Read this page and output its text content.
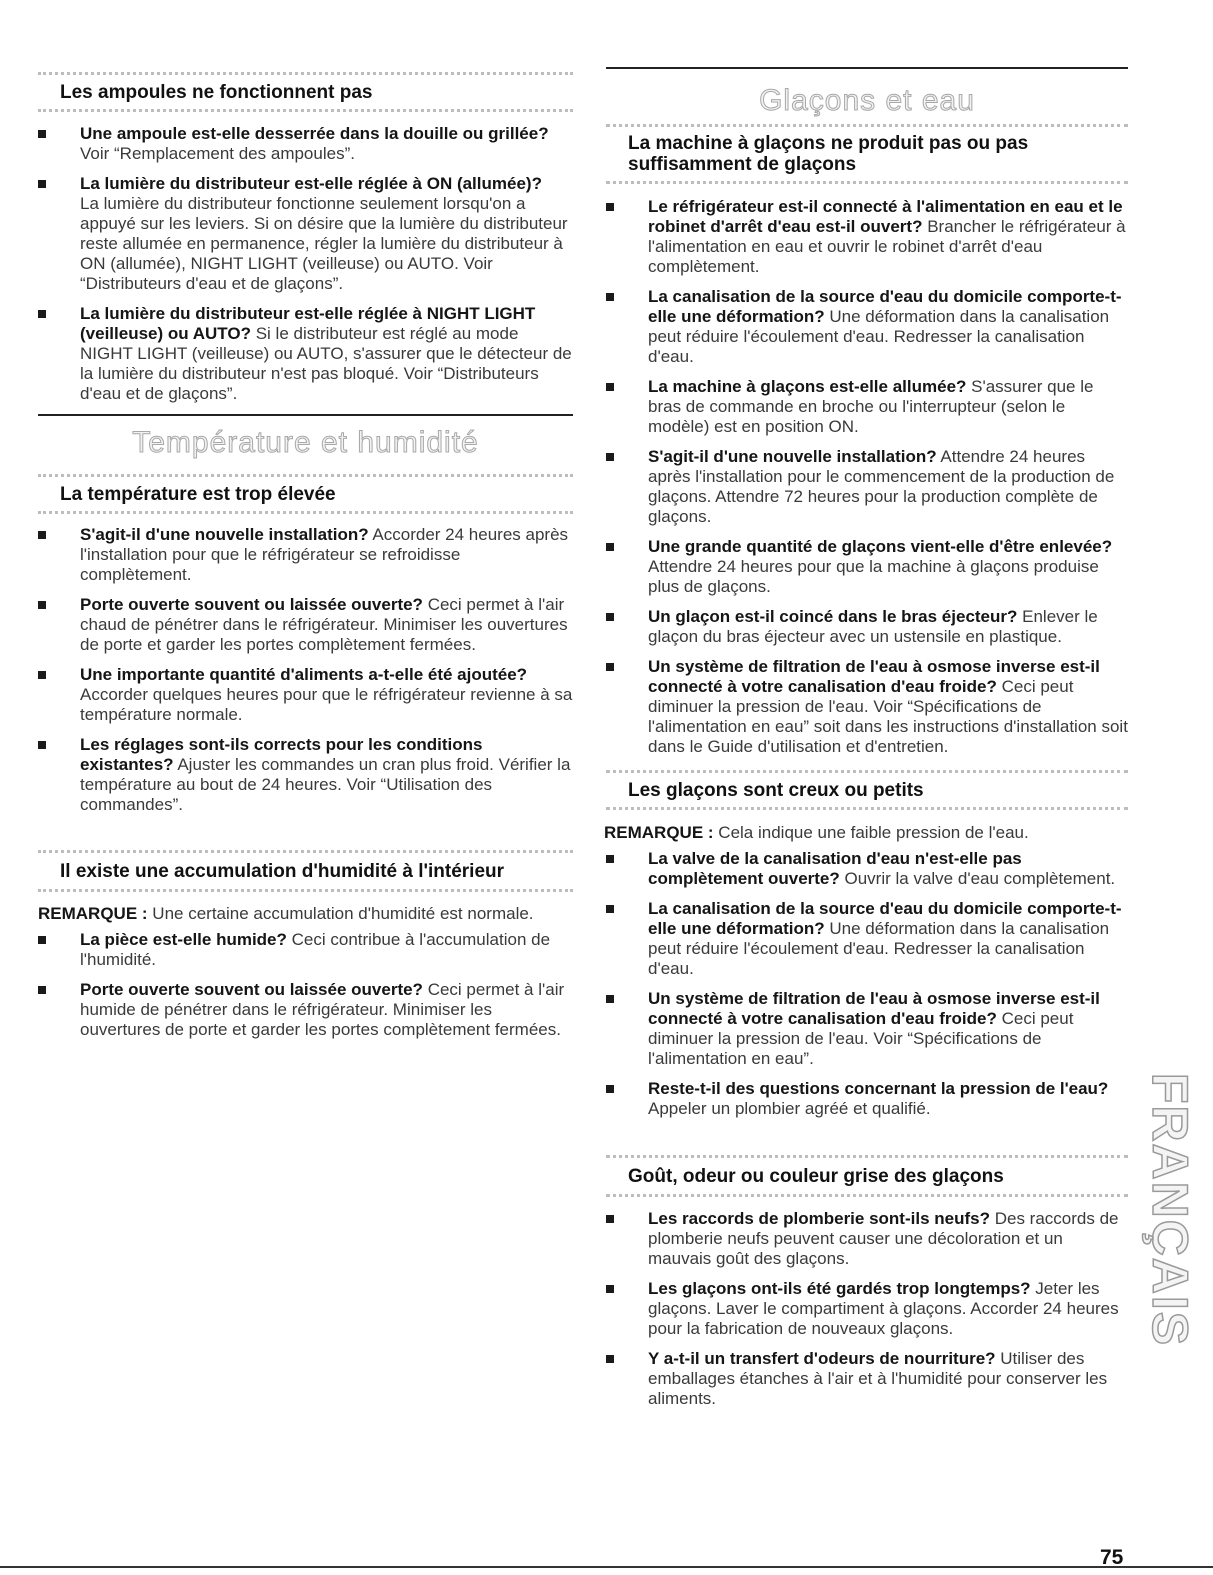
Les ampoules ne fonctionnent pas
Une ampoule est-elle desserrée dans la douille ou grillée?
Voir “Remplacement des ampoules”.
La lumière du distributeur est-elle réglée à ON (allumée)?
La lumière du distributeur fonctionne seulement lorsqu'on a appuyé sur les leviers. Si on désire que la lumière du distributeur reste allumée en permanence, régler la lumière du distributeur à ON (allumée), NIGHT LIGHT (veilleuse) ou AUTO. Voir “Distributeurs d'eau et de glaçons”.
La lumière du distributeur est-elle réglée à NIGHT LIGHT (veilleuse) ou AUTO? Si le distributeur est réglé au mode NIGHT LIGHT (veilleuse) ou AUTO, s'assurer que le détecteur de la lumière du distributeur n'est pas bloqué. Voir “Distributeurs d'eau et de glaçons”.
Température et humidité
La température est trop élevée
S'agit-il d'une nouvelle installation? Accorder 24 heures après l'installation pour que le réfrigérateur se refroidisse complètement.
Porte ouverte souvent ou laissée ouverte? Ceci permet à l'air chaud de pénétrer dans le réfrigérateur. Minimiser les ouvertures de porte et garder les portes complètement fermées.
Une importante quantité d'aliments a-t-elle été ajoutée? Accorder quelques heures pour que le réfrigérateur revienne à sa température normale.
Les réglages sont-ils corrects pour les conditions existantes? Ajuster les commandes un cran plus froid. Vérifier la température au bout de 24 heures. Voir “Utilisation des commandes”.
Il existe une accumulation d'humidité à l'intérieur

REMARQUE : Une certaine accumulation d'humidité est normale.

La pièce est-elle humide? Ceci contribue à l'accumulation de l'humidité.
Porte ouverte souvent ou laissée ouverte? Ceci permet à l'air humide de pénétrer dans le réfrigérateur. Minimiser les ouvertures de porte et garder les portes complètement fermées.
Glaçons et eau
La machine à glaçons ne produit pas ou pas
suffisamment de glaçons
Le réfrigérateur est-il connecté à l'alimentation en eau et le robinet d'arrêt d'eau est-il ouvert? Brancher le réfrigérateur à l'alimentation en eau et ouvrir le robinet d'arrêt d'eau complètement.
La canalisation de la source d'eau du domicile comporte-t-elle une déformation? Une déformation dans la canalisation peut réduire l'écoulement d'eau. Redresser la canalisation d'eau.
La machine à glaçons est-elle allumée? S'assurer que le bras de commande en broche ou l'interrupteur (selon le modèle) est en position ON.
S'agit-il d'une nouvelle installation? Attendre 24 heures après l'installation pour le commencement de la production de glaçons. Attendre 72 heures pour la production complète de glaçons.
Une grande quantité de glaçons vient-elle d'être enlevée? Attendre 24 heures pour que la machine à glaçons produise plus de glaçons.
Un glaçon est-il coincé dans le bras éjecteur? Enlever le glaçon du bras éjecteur avec un ustensile en plastique.
Un système de filtration de l'eau à osmose inverse est-il connecté à votre canalisation d'eau froide? Ceci peut diminuer la pression de l'eau. Voir “Spécifications de l'alimentation en eau” soit dans les instructions d'installation soit dans le Guide d'utilisation et d'entretien.
Les glaçons sont creux ou petits

REMARQUE : Cela indique une faible pression de l'eau.

La valve de la canalisation d'eau n'est-elle pas complètement ouverte? Ouvrir la valve d'eau complètement.
La canalisation de la source d'eau du domicile comporte-t-elle une déformation? Une déformation dans la canalisation peut réduire l'écoulement d'eau. Redresser la canalisation d'eau.
Un système de filtration de l'eau à osmose inverse est-il connecté à votre canalisation d'eau froide? Ceci peut diminuer la pression de l'eau. Voir “Spécifications de l'alimentation en eau”.
Reste-t-il des questions concernant la pression de l'eau? Appeler un plombier agréé et qualifié.
Goût, odeur ou couleur grise des glaçons
Les raccords de plomberie sont-ils neufs? Des raccords de plomberie neufs peuvent causer une décoloration et un mauvais goût des glaçons.
Les glaçons ont-ils été gardés trop longtemps? Jeter les glaçons. Laver le compartiment à glaçons. Accorder 24 heures pour la fabrication de nouveaux glaçons.
Y a-t-il un transfert d'odeurs de nourriture? Utiliser des emballages étanches à l'air et à l'humidité pour conserver les aliments.
FRANÇAIS
75
